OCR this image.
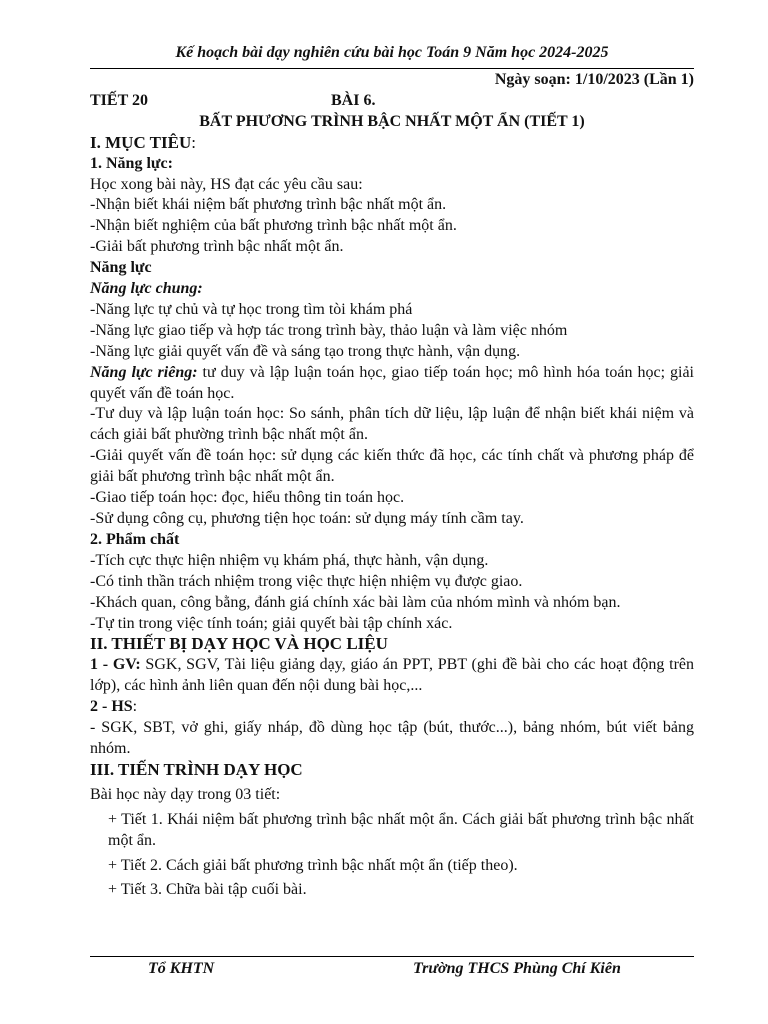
Kế hoạch bài dạy nghiên cứu bài học Toán 9 Năm học 2024-2025

Ngày soạn: 1/10/2023 (Lần 1)

TIẾT 20	BÀI 6.

BẤT PHƯƠNG TRÌNH BẬC NHẤT MỘT ẨN (TIẾT 1)

I. MỤC TIÊU:

1. Năng lực:

Học xong bài này, HS đạt các yêu cầu sau:

-Nhận biết khái niệm bất phương trình bậc nhất một ẩn.

-Nhận biết nghiệm của bất phương trình bậc nhất một ẩn.

-Giải bất phương trình bậc nhất một ẩn.

Năng lực

Năng lực chung:

-Năng lực tự chủ và tự học trong tìm tòi khám phá

-Năng lực giao tiếp và hợp tác trong trình bày, thảo luận và làm việc nhóm

-Năng lực giải quyết vấn đề và sáng tạo trong thực hành, vận dụng.

Năng lực riêng: tư duy và lập luận toán học, giao tiếp toán học; mô hình hóa toán học; giải quyết vấn đề toán học.

-Tư duy và lập luận toán học: So sánh, phân tích dữ liệu, lập luận để nhận biết khái niệm và cách giải bất phường trình bậc nhất một ẩn.

-Giải quyết vấn đề toán học: sử dụng các kiến thức đã học, các tính chất và phương pháp để giải bất phương trình bậc nhất một ẩn.

-Giao tiếp toán học: đọc, hiểu thông tin toán học.

-Sử dụng công cụ, phương tiện học toán: sử dụng máy tính cầm tay.

2. Phẩm chất

-Tích cực thực hiện nhiệm vụ khám phá, thực hành, vận dụng.

-Có tinh thần trách nhiệm trong việc thực hiện nhiệm vụ được giao.

-Khách quan, công bằng, đánh giá chính xác bài làm của nhóm mình và nhóm bạn.

-Tự tin trong việc tính toán; giải quyết bài tập chính xác.

II. THIẾT BỊ DẠY HỌC VÀ HỌC LIỆU

1 - GV: SGK, SGV, Tài liệu giảng dạy, giáo án PPT, PBT (ghi đề bài cho các hoạt động trên lớp), các hình ảnh liên quan đến nội dung bài học,...

2 - HS:

- SGK, SBT, vở ghi, giấy nháp, đồ dùng học tập (bút, thước...), bảng nhóm, bút viết bảng nhóm.

III. TIẾN TRÌNH DẠY HỌC

Bài học này dạy trong 03 tiết:

+ Tiết 1. Khái niệm bất phương trình bậc nhất một ẩn. Cách giải bất phương trình bậc nhất một ẩn.

+ Tiết 2. Cách giải bất phương trình bậc nhất một ẩn (tiếp theo).

+ Tiết 3. Chữa bài tập cuối bài.

Tổ KHTN	Trường THCS Phùng Chí Kiên
